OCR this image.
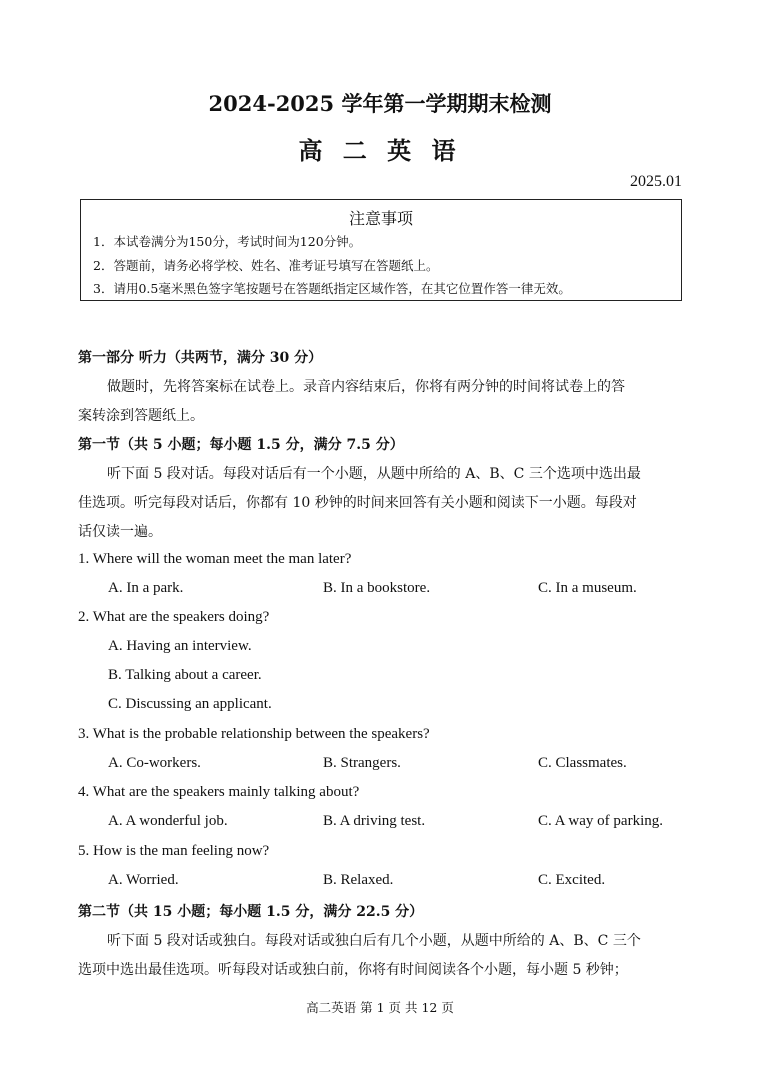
2024-2025 学年第一学期期末检测
高 二 英 语
2025.01
注意事项
1．本试卷满分为150分，考试时间为120分钟。
2．答题前，请务必将学校、姓名、准考证号填写在答题纸上。
3．请用0.5毫米黑色签字笔按题号在答题纸指定区域作答，在其它位置作答一律无效。
第一部分 听力（共两节，满分 30 分）
做题时，先将答案标在试卷上。录音内容结束后，你将有两分钟的时间将试卷上的答
案转涂到答题纸上。
第一节（共 5 小题；每小题 1.5 分，满分 7.5 分）
听下面 5 段对话。每段对话后有一个小题，从题中所给的 A、B、C 三个选项中选出最
佳选项。听完每段对话后，你都有 10 秒钟的时间来回答有关小题和阅读下一小题。每段对
话仅读一遍。
1. Where will the woman meet the man later?
A. In a park.	B. In a bookstore.	C. In a museum.
2. What are the speakers doing?
A. Having an interview.
B. Talking about a career.
C. Discussing an applicant.
3. What is the probable relationship between the speakers?
A. Co-workers.	B. Strangers.	C. Classmates.
4. What are the speakers mainly talking about?
A. A wonderful job.	B. A driving test.	C. A way of parking.
5. How is the man feeling now?
A. Worried.	B. Relaxed.	C. Excited.
第二节（共 15 小题；每小题 1.5 分，满分 22.5 分）
听下面 5 段对话或独白。每段对话或独白后有几个小题，从题中所给的 A、B、C 三个
选项中选出最佳选项。听每段对话或独白前，你将有时间阅读各个小题，每小题 5 秒钟；
高二英语 第 1 页 共 12 页
